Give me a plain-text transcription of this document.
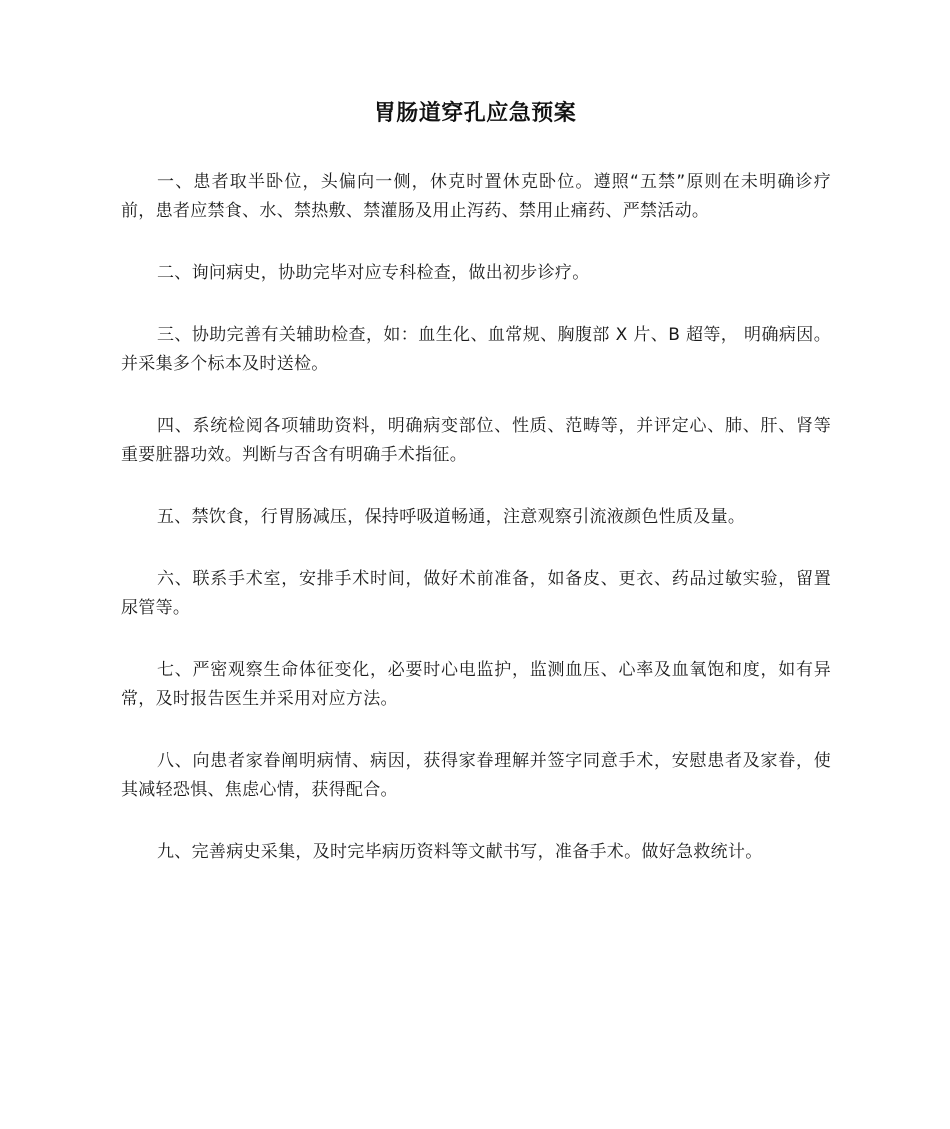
胃肠道穿孔应急预案

一、患者取半卧位，头偏向一侧，休克时置休克卧位。遵照“五禁”原则在未明确诊疗前，患者应禁食、水、禁热敷、禁灌肠及用止泻药、禁用止痛药、严禁活动。

二、询问病史，协助完毕对应专科检查，做出初步诊疗。

三、协助完善有关辅助检查，如：血生化、血常规、胸腹部 X 片、B 超等， 明确病因。并采集多个标本及时送检。

四、系统检阅各项辅助资料，明确病变部位、性质、范畴等，并评定心、肺、肝、肾等重要脏器功效。判断与否含有明确手术指征。

五、禁饮食，行胃肠减压，保持呼吸道畅通，注意观察引流液颜色性质及量。

六、联系手术室，安排手术时间，做好术前准备，如备皮、更衣、药品过敏实验，留置尿管等。

七、严密观察生命体征变化，必要时心电监护，监测血压、心率及血氧饱和度，如有异常，及时报告医生并采用对应方法。

八、向患者家眷阐明病情、病因，获得家眷理解并签字同意手术，安慰患者及家眷，使其减轻恐惧、焦虑心情，获得配合。

九、完善病史采集，及时完毕病历资料等文献书写，准备手术。做好急救统计。
